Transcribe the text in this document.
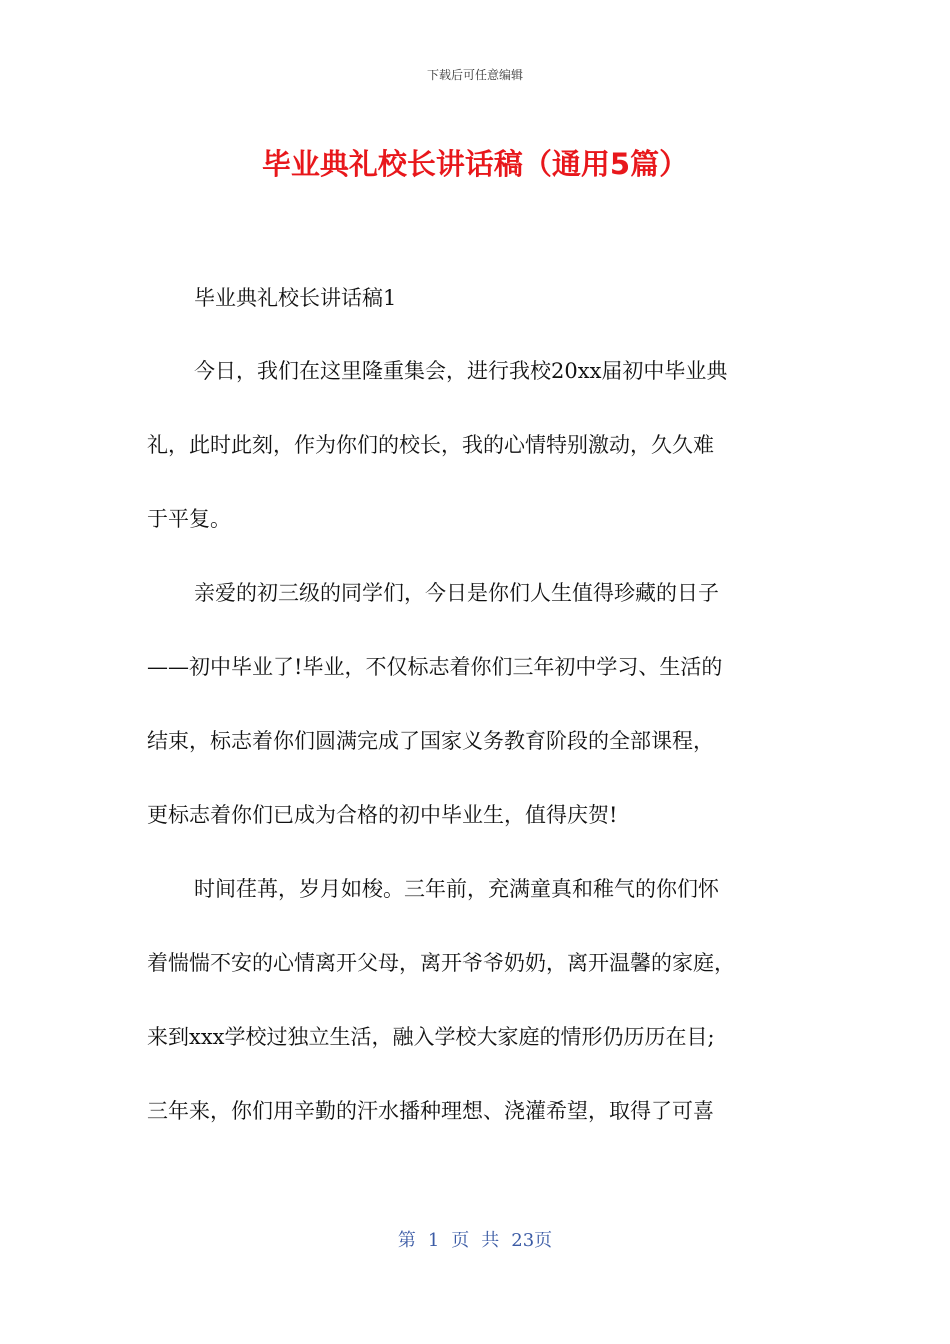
下载后可任意编辑
毕业典礼校长讲话稿（通用5篇）
毕业典礼校长讲话稿1
今日，我们在这里隆重集会，进行我校20xx届初中毕业典
礼，此时此刻，作为你们的校长，我的心情特别激动，久久难
于平复。
亲爱的初三级的同学们，今日是你们人生值得珍藏的日子
——初中毕业了!毕业，不仅标志着你们三年初中学习、生活的
结束，标志着你们圆满完成了国家义务教育阶段的全部课程，
更标志着你们已成为合格的初中毕业生，值得庆贺!
时间荏苒，岁月如梭。三年前，充满童真和稚气的你们怀
着惴惴不安的心情离开父母，离开爷爷奶奶，离开温馨的家庭，
来到xxx学校过独立生活，融入学校大家庭的情形仍历历在目;
三年来，你们用辛勤的汗水播种理想、浇灌希望，取得了可喜
第 1 页 共 23页
